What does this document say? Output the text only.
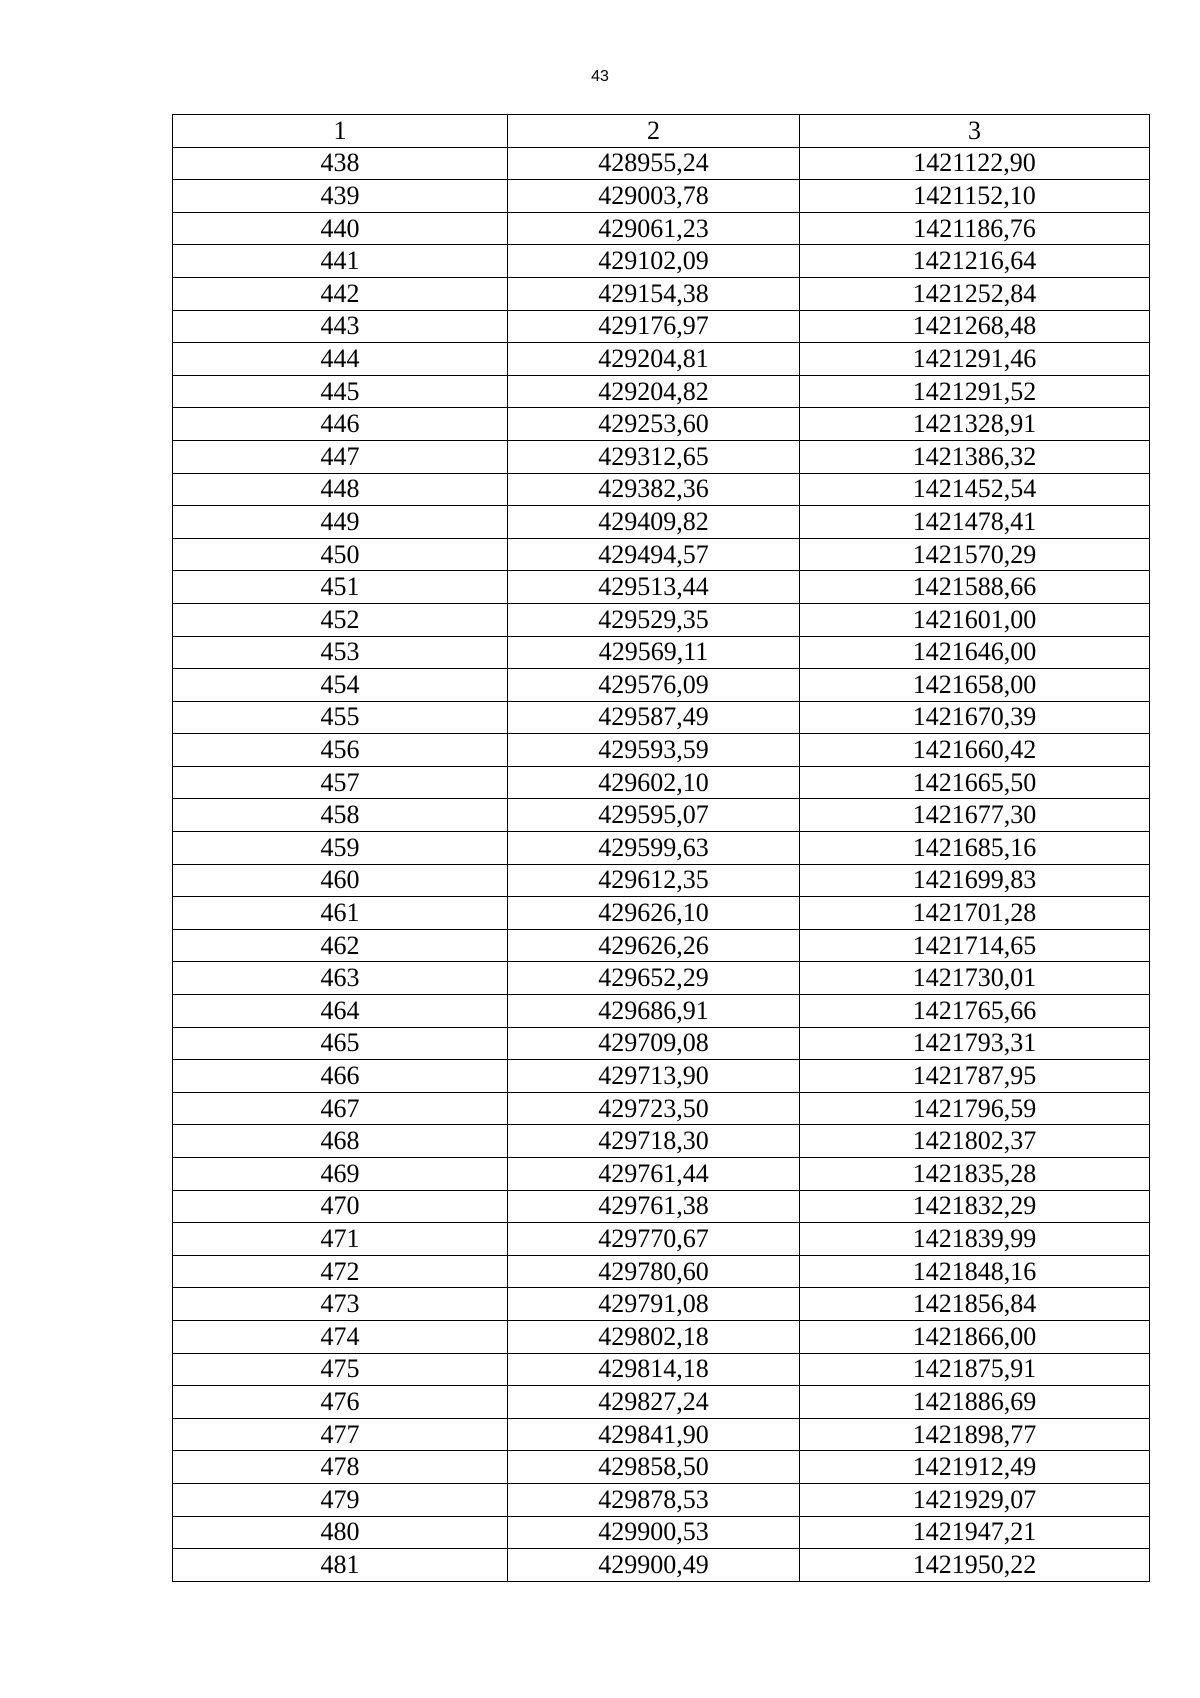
43
1	2	3
438	428955,24	1421122,90
439	429003,78	1421152,10
440	429061,23	1421186,76
441	429102,09	1421216,64
442	429154,38	1421252,84
443	429176,97	1421268,48
444	429204,81	1421291,46
445	429204,82	1421291,52
446	429253,60	1421328,91
447	429312,65	1421386,32
448	429382,36	1421452,54
449	429409,82	1421478,41
450	429494,57	1421570,29
451	429513,44	1421588,66
452	429529,35	1421601,00
453	429569,11	1421646,00
454	429576,09	1421658,00
455	429587,49	1421670,39
456	429593,59	1421660,42
457	429602,10	1421665,50
458	429595,07	1421677,30
459	429599,63	1421685,16
460	429612,35	1421699,83
461	429626,10	1421701,28
462	429626,26	1421714,65
463	429652,29	1421730,01
464	429686,91	1421765,66
465	429709,08	1421793,31
466	429713,90	1421787,95
467	429723,50	1421796,59
468	429718,30	1421802,37
469	429761,44	1421835,28
470	429761,38	1421832,29
471	429770,67	1421839,99
472	429780,60	1421848,16
473	429791,08	1421856,84
474	429802,18	1421866,00
475	429814,18	1421875,91
476	429827,24	1421886,69
477	429841,90	1421898,77
478	429858,50	1421912,49
479	429878,53	1421929,07
480	429900,53	1421947,21
481	429900,49	1421950,22
